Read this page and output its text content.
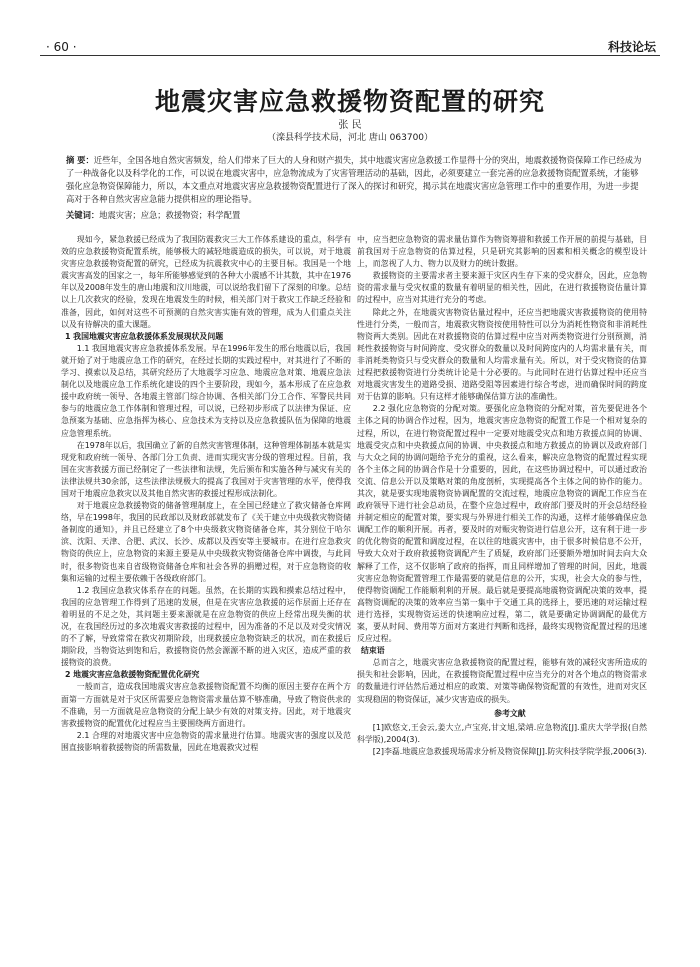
· 60 ·	科技论坛
地震灾害应急救援物资配置的研究
张 民
（滦县科学技术局，河北 唐山 063700）
摘 要：近些年，全国各地自然灾害频发，给人们带来了巨大的人身和财产损失，其中地震灾害应急救援工作显得十分的突出，地震救援物资保障工作已经成为了一种战备化以及科学化的工作，可以说在地震灾害中，应急物流成为了灾害管理活动的基础，因此，必须要建立一套完善的应急救援物资配置系统，才能够强化应急物资保障能力，所以，本文重点对地震灾害应急救援物资配置进行了深入的探讨和研究，揭示其在地震灾害应急管理工作中的重要作用，为进一步提高对于各种自然灾害应急能力提供相应的理论指导。
关键词：地震灾害；应急；救援物资；科学配置

现如今，紧急救援已经成为了我国防震救灾三大工作体系建设的重点，科学有效的应急救援物资配置系统，能够极大的减轻地震造成的损失，可以说，对于地震灾害应急救援物资配置的研究，已经成为抗震救灾中心的主要目标。我国是一个地震灾害高发的国家之一，每年所能够感觉到的各种大小震感不计其数，其中在1976年以及2008年发生的唐山地震和汶川地震，可以说给我们留下了深刻的印象。总结以上几次救灾的经验，发现在地震发生的时候，相关部门对于救灾工作缺乏经验和准备，因此，如何对这些不可预测的自然灾害实施有效的管理，成为人们重点关注以及有待解决的重大课题。

1 我国地震灾害应急救援体系发展现状及问题

1.1 我国地震灾害应急救援体系发展。早在1996年发生的邢台地震以后，我国就开始了对于地震应急工作的研究，在经过长期的实践过程中，对其进行了不断的学习、摸索以及总结，其研究经历了大地震学习应急、地震应急对策、地震应急法制化以及地震应急工作系统化建设的四个主要阶段，现如今，基本形成了在应急救援中政府统一领导、各地震主管部门综合协调、各相关部门分工合作、军警民共同参与的地震应急工作体制和管理过程，可以说，已经初步形成了以法律为保证、应急预案为基础、应急指挥为核心、应急技术为支持以及应急救援队伍为保障的地震应急管理系统。

在1978年以后，我国确立了新的自然灾害管理体制，这种管理体制基本就是实现党和政府统一领导、各部门分工负责、进而实现灾害分级的管理过程。目前，我国在灾害救援方面已经制定了一些法律和法规，先后颁布和实施各种与减灾有关的法律法规共30余部，这些法律法规极大的提高了我国对于灾害管理的水平，使得我国对于地震应急救灾以及其他自然灾害的救援过程形成法制化。

对于地震应急救援物资的储备管理制度上，在全国已经建立了救灾储备仓库网络，早在1998年，我国的民政部以及财政部就发布了《关于建立中央级救灾物资储备制度的通知》，并且已经建立了8个中央级救灾物资储备仓库，其分别位于哈尔滨、沈阳、天津、合肥、武汉、长沙、成都以及西安等主要城市。在进行应急救灾物资的供应上，应急物资的来源主要是从中央级救灾物资储备仓库中调拨，与此同时，很多物资也来自省级物资储备仓库和社会各界的捐赠过程，对于应急物资的收集和运输的过程主要依赖于各级政府部门。

1.2 我国应急救灾体系存在的问题。虽然，在长期的实践和摸索总结过程中，我国的应急管理工作得到了迅速的发展，但是在灾害应急救援的运作层面上还存在着明显的不足之处，其问题主要来源就是在应急物资的供应上经常出现失衡的状况，在我国经历过的多次地震灾害救援的过程中，因为准备的不足以及对受灾情况的不了解，导致常常在救灾初期阶段，出现救援应急物资缺乏的状况，而在救援后期阶段，当物资达到饱和后，救援物资仍然会源源不断的进入灾区，造成严重的救援物资的浪费。

2 地震灾害应急救援物资配置优化研究

一般而言，造成我国地震灾害应急救援物资配置不均衡的原因主要存在两个方面第一方面就是对于灾区所需要应急物资需求量估算不够准确，导致了物资供求的不准确，另一方面就是应急物资的分配上缺少有效的对策支持。因此，对于地震灾害救援物资的配置优化过程应当主要围绕两方面进行。

2.1 合理的对地震灾害中应急物资的需求量进行估算。地震灾害的强度以及范围直接影响着救援物资的所需数量，因此在地震救灾过程

中，应当把应急物资的需求量估算作为物资筹措和救援工作开展的前提与基础，目前我国对于应急物资的估算过程，只是研究其影响的因素和相关概念的模型设计上，而忽视了人力、物力以及财力的统计数据。

救援物资的主要需求者主要来源于灾区内生存下来的受灾群众，因此，应急物资的需求量与受灾权重的数量有着明显的相关性，因此，在进行救援物资估量计算的过程中，应当对其进行充分的考虑。

除此之外，在地震灾害物资估量过程中，还应当把地震灾害救援物资的使用特性进行分类，一般而言，地震救灾物资按使用特性可以分为消耗性物资和非消耗性物资两大类别。因此在对救援物资的估算过程中应当对两类物资进行分别预测，消耗性救援物资与时间跨度、受灾群众的数量以及时间跨度内的人均需求量有关，而非消耗类物资只与受灾群众的数量和人均需求量有关。所以，对于受灾物资的估算过程把救援物资进行分类统计论是十分必要的。与此同时在进行估算过程中还应当对地震灾害发生的道路受损、道路受阻等因素进行综合考虑，进而确保时间的跨度对于估算的影响。只有这样才能够确保估算方法的准确性。

2.2 强化应急物资的分配对策。要强化应急物资的分配对策，首先要促进各个主体之间的协调合作过程，因为，地震灾害应急物资的配置工作是一个相对复杂的过程，所以，在进行物资配置过程中一定要对地震受灾点和地方救援点间的协调、地震受灾点和中央救援点间的协调、中央救援点和地方救援点的协调以及政府部门与大众之间的协调问题给予充分的重视，这么看来，解决应急物资的配置过程实现各个主体之间的协调合作是十分重要的，因此，在这些协调过程中，可以通过政治交流、信息公开以及策略对策的角度剖析，实现提高各个主体之间的协作的能力。其次，就是要实现地震物资协调配置的交流过程，地震应急物资的调配工作应当在政府领导下进行社会总动员，在整个应急过程中，政府部门要及时的开会总结经验并制定相应的配置对策，要实现与外界进行相关工作的沟通，这样才能够确保应急调配工作的顺利开展。再者，要及时的对赈灾物资进行信息公开，这有利于进一步的优化物资的配置和调度过程，在以往的地震灾害中，由于很多时候信息不公开，导致大众对于政府救援物资调配产生了质疑，政府部门还要额外增加时间去向大众解释了工作，这不仅影响了政府的指挥，而且同样增加了管理的时间，因此，地震灾害应急物资配置管理工作最需要的就是信息的公开，实现，社会大众的参与性，使得物资调配工作能顺利利的开展。最后就是要提高地震物资调配决策的效率，提高物资调配的决策的效率应当第一集中于交通工具的选择上，要迅速的对运输过程进行选择，实现物资运送的快速响应过程，第二，就是要确定协调调配的最优方案，要从时间、费用等方面对方案进行判断和选择，最终实现物资配置过程的迅速反应过程。

结束语

总而言之，地震灾害应急救援物资的配置过程，能够有效的减轻灾害所造成的损失和社会影响，因此，在救援物资配置过程中应当充分的对各个地点的物资需求的数量进行评估然后通过相应的政策、对策等确保物资配置的有效性，进而对灾区实现稳固的物资保证，减少灾害造成的损失。

参考文献

[1]欧悠文,王会云,姜大立,卢宝亮,甘文旭,梁靖.应急物流[J].重庆大学学报(自然科学版),2004(3).

[2]李磊.地震应急救援现场需求分析及物资保障[J].防灾科技学院学报,2006(3).
